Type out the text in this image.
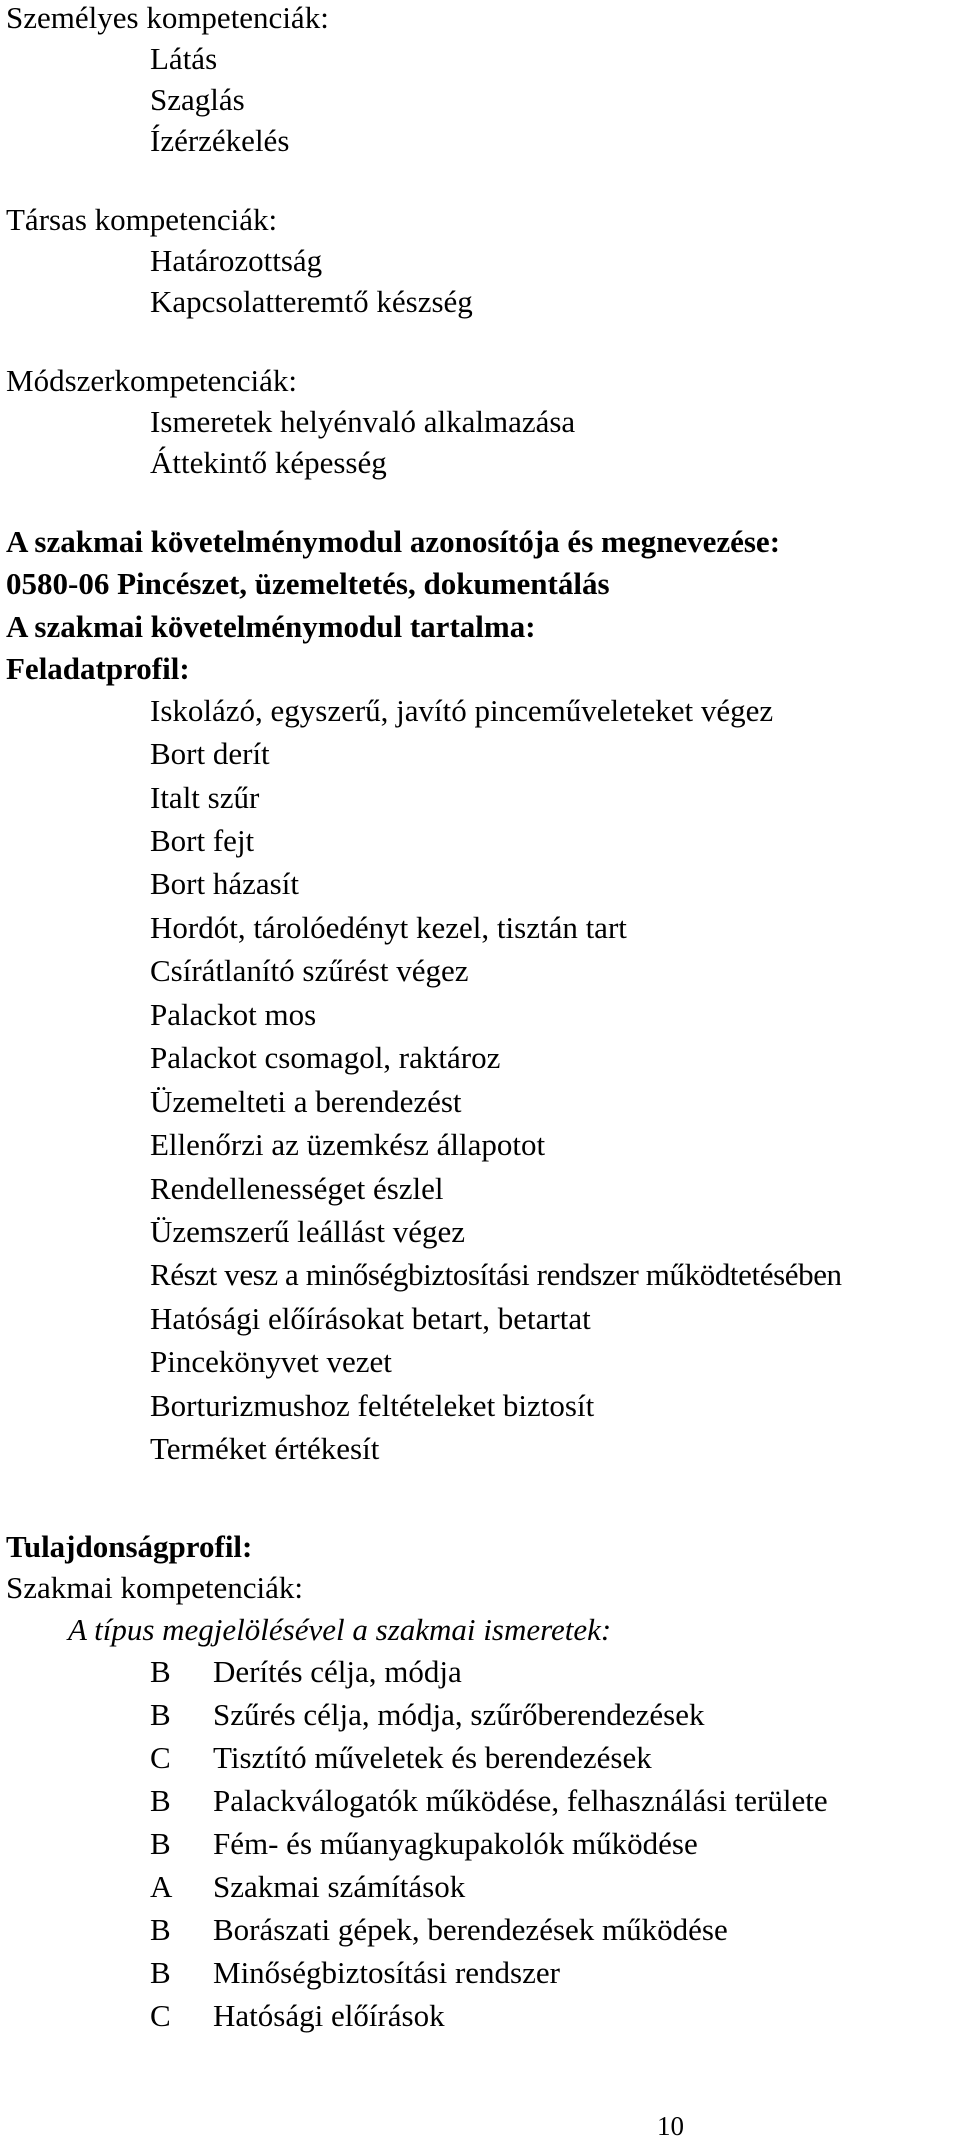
Személyes kompetenciák:
Látás
Szaglás
Ízérzékelés
Társas kompetenciák:
Határozottság
Kapcsolatteremtő készség
Módszerkompetenciák:
Ismeretek helyénvaló alkalmazása
Áttekintő képesség
A szakmai követelménymodul azonosítója és megnevezése:
0580-06 Pincészet, üzemeltetés, dokumentálás
A szakmai követelménymodul tartalma:
Feladatprofil:
Iskolázó, egyszerű, javító pinceműveleteket végez
Bort derít
Italt szűr
Bort fejt
Bort házasít
Hordót, tárolóedényt kezel, tisztán tart
Csírátlanító szűrést végez
Palackot mos
Palackot csomagol, raktároz
Üzemelteti a berendezést
Ellenőrzi az üzemkész állapotot
Rendellenességet észlel
Üzemszerű leállást végez
Részt vesz a minőségbiztosítási rendszer működtetésében
Hatósági előírásokat betart, betartat
Pincekönyvet vezet
Borturizmushoz feltételeket biztosít
Terméket értékesít
Tulajdonságprofil:
Szakmai kompetenciák:
A típus megjelölésével a szakmai ismeretek:
B	Derítés célja, módja
B	Szűrés célja, módja, szűrőberendezések
C	Tisztító műveletek és berendezések
B	Palackválogatók működése, felhasználási területe
B	Fém- és műanyagkupakolók működése
A	Szakmai számítások
B	Borászati gépek, berendezések működése
B	Minőségbiztosítási rendszer
C	Hatósági előírások
10
